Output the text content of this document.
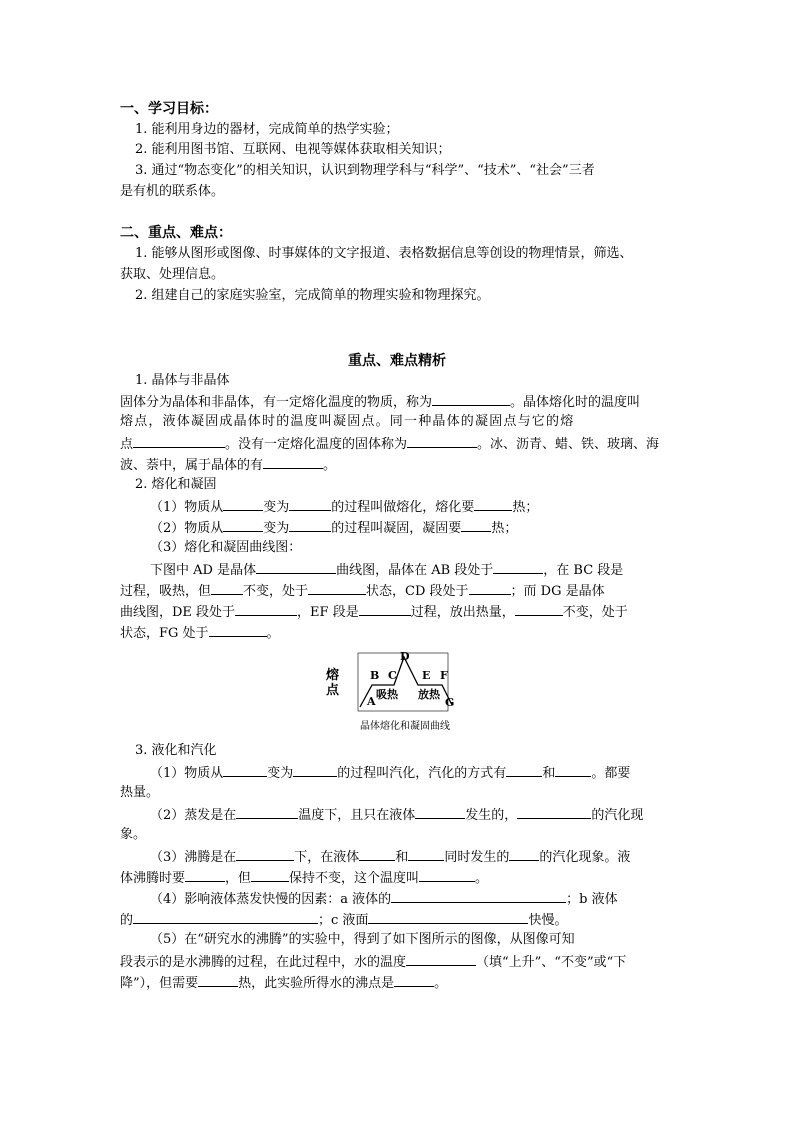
一、学习目标：
1. 能利用身边的器材，完成简单的热学实验；
2. 能利用图书馆、互联网、电视等媒体获取相关知识；
3. 通过“物态变化”的相关知识，认识到物理学科与“科学”、“技术”、“社会”三者
是有机的联系体。
二、重点、难点：
1. 能够从图形或图像、时事媒体的文字报道、表格数据信息等创设的物理情景，筛选、
获取、处理信息。
2. 组建自己的家庭实验室，完成简单的物理实验和物理探究。
重点、难点精析
1. 晶体与非晶体
固体分为晶体和非晶体，有一定熔化温度的物质，称为	。晶体熔化时的温度叫
熔点，液体凝固成晶体时的温度叫凝固点。同一种晶体的凝固点与它的熔
点	。没有一定熔化温度的固体称为	。冰、沥青、蜡、铁、玻璃、海
波、萘中，属于晶体的有	。
2. 熔化和凝固
（1）物质从	变为	的过程叫做熔化，熔化要	热；
（2）物质从	变为	的过程叫凝固，凝固要 热；
（3）熔化和凝固曲线图：
下图中 AD 是晶体	曲线图，晶体在 AB 段处于	，在 BC 段是
过程，吸热，但 不变，处于	状态，CD 段处于	；而 DG 是晶体
曲线图，DE 段处于	，EF 段是	过程，放出热量，	不变，处于
状态，FG 处于	。
熔点
A
B C
D
E F
G
吸热 放热
晶体熔化和凝固曲线
3. 液化和汽化
（1）物质从	变为	的过程叫汽化，汽化的方式有	和	。都要
热量。
（2）蒸发是在	温度下，且只在液体	发生的，	的汽化现
象。
（3）沸腾是在	下，在液体	和	同时发生的 的汽化现象。液
体沸腾时要	，但	保持不变，这个温度叫	。
（4）影响液体蒸发快慢的因素：a 液体的	；b 液体
的	；c 液面	快慢。
（5）在“研究水的沸腾”的实验中，得到了如下图所示的图像，从图像可知
段表示的是水沸腾的过程，在此过程中，水的温度	（填“上升”、“不变”或“下
降”），但需要	热，此实验所得水的沸点是	。
